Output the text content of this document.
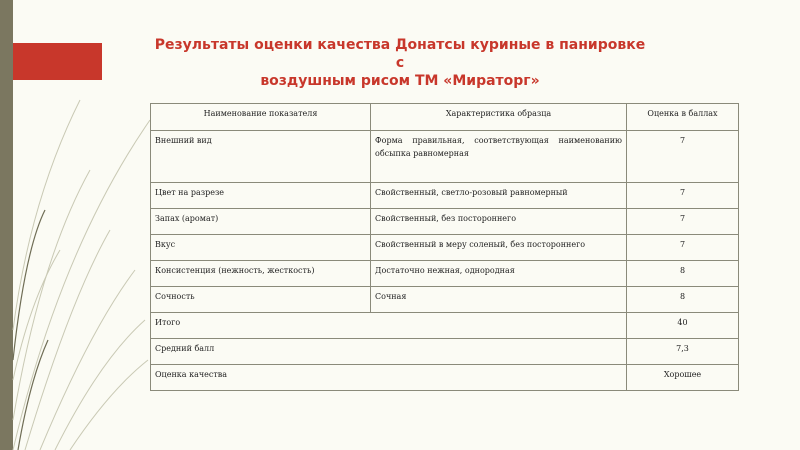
Результаты оценки качества Донатсы куриные в панировке с
воздушным рисом ТМ «Мираторг»
Наименование показателя	Характеристика образца	Оценка в баллах
Внешний вид	Форма правильная, соответствующая наименованию обсыпка равномерная	7
Цвет на разрезе	Свойственный, светло-розовый равномерный	7
Запах (аромат)	Свойственный, без постороннего	7
Вкус	Свойственный в меру соленый, без постороннего	7
Консистенция (нежность, жесткость)	Достаточно нежная, однородная	8
Сочность	Сочная	8
Итого		40
Средний балл		7,3
Оценка качества		Хорошее
